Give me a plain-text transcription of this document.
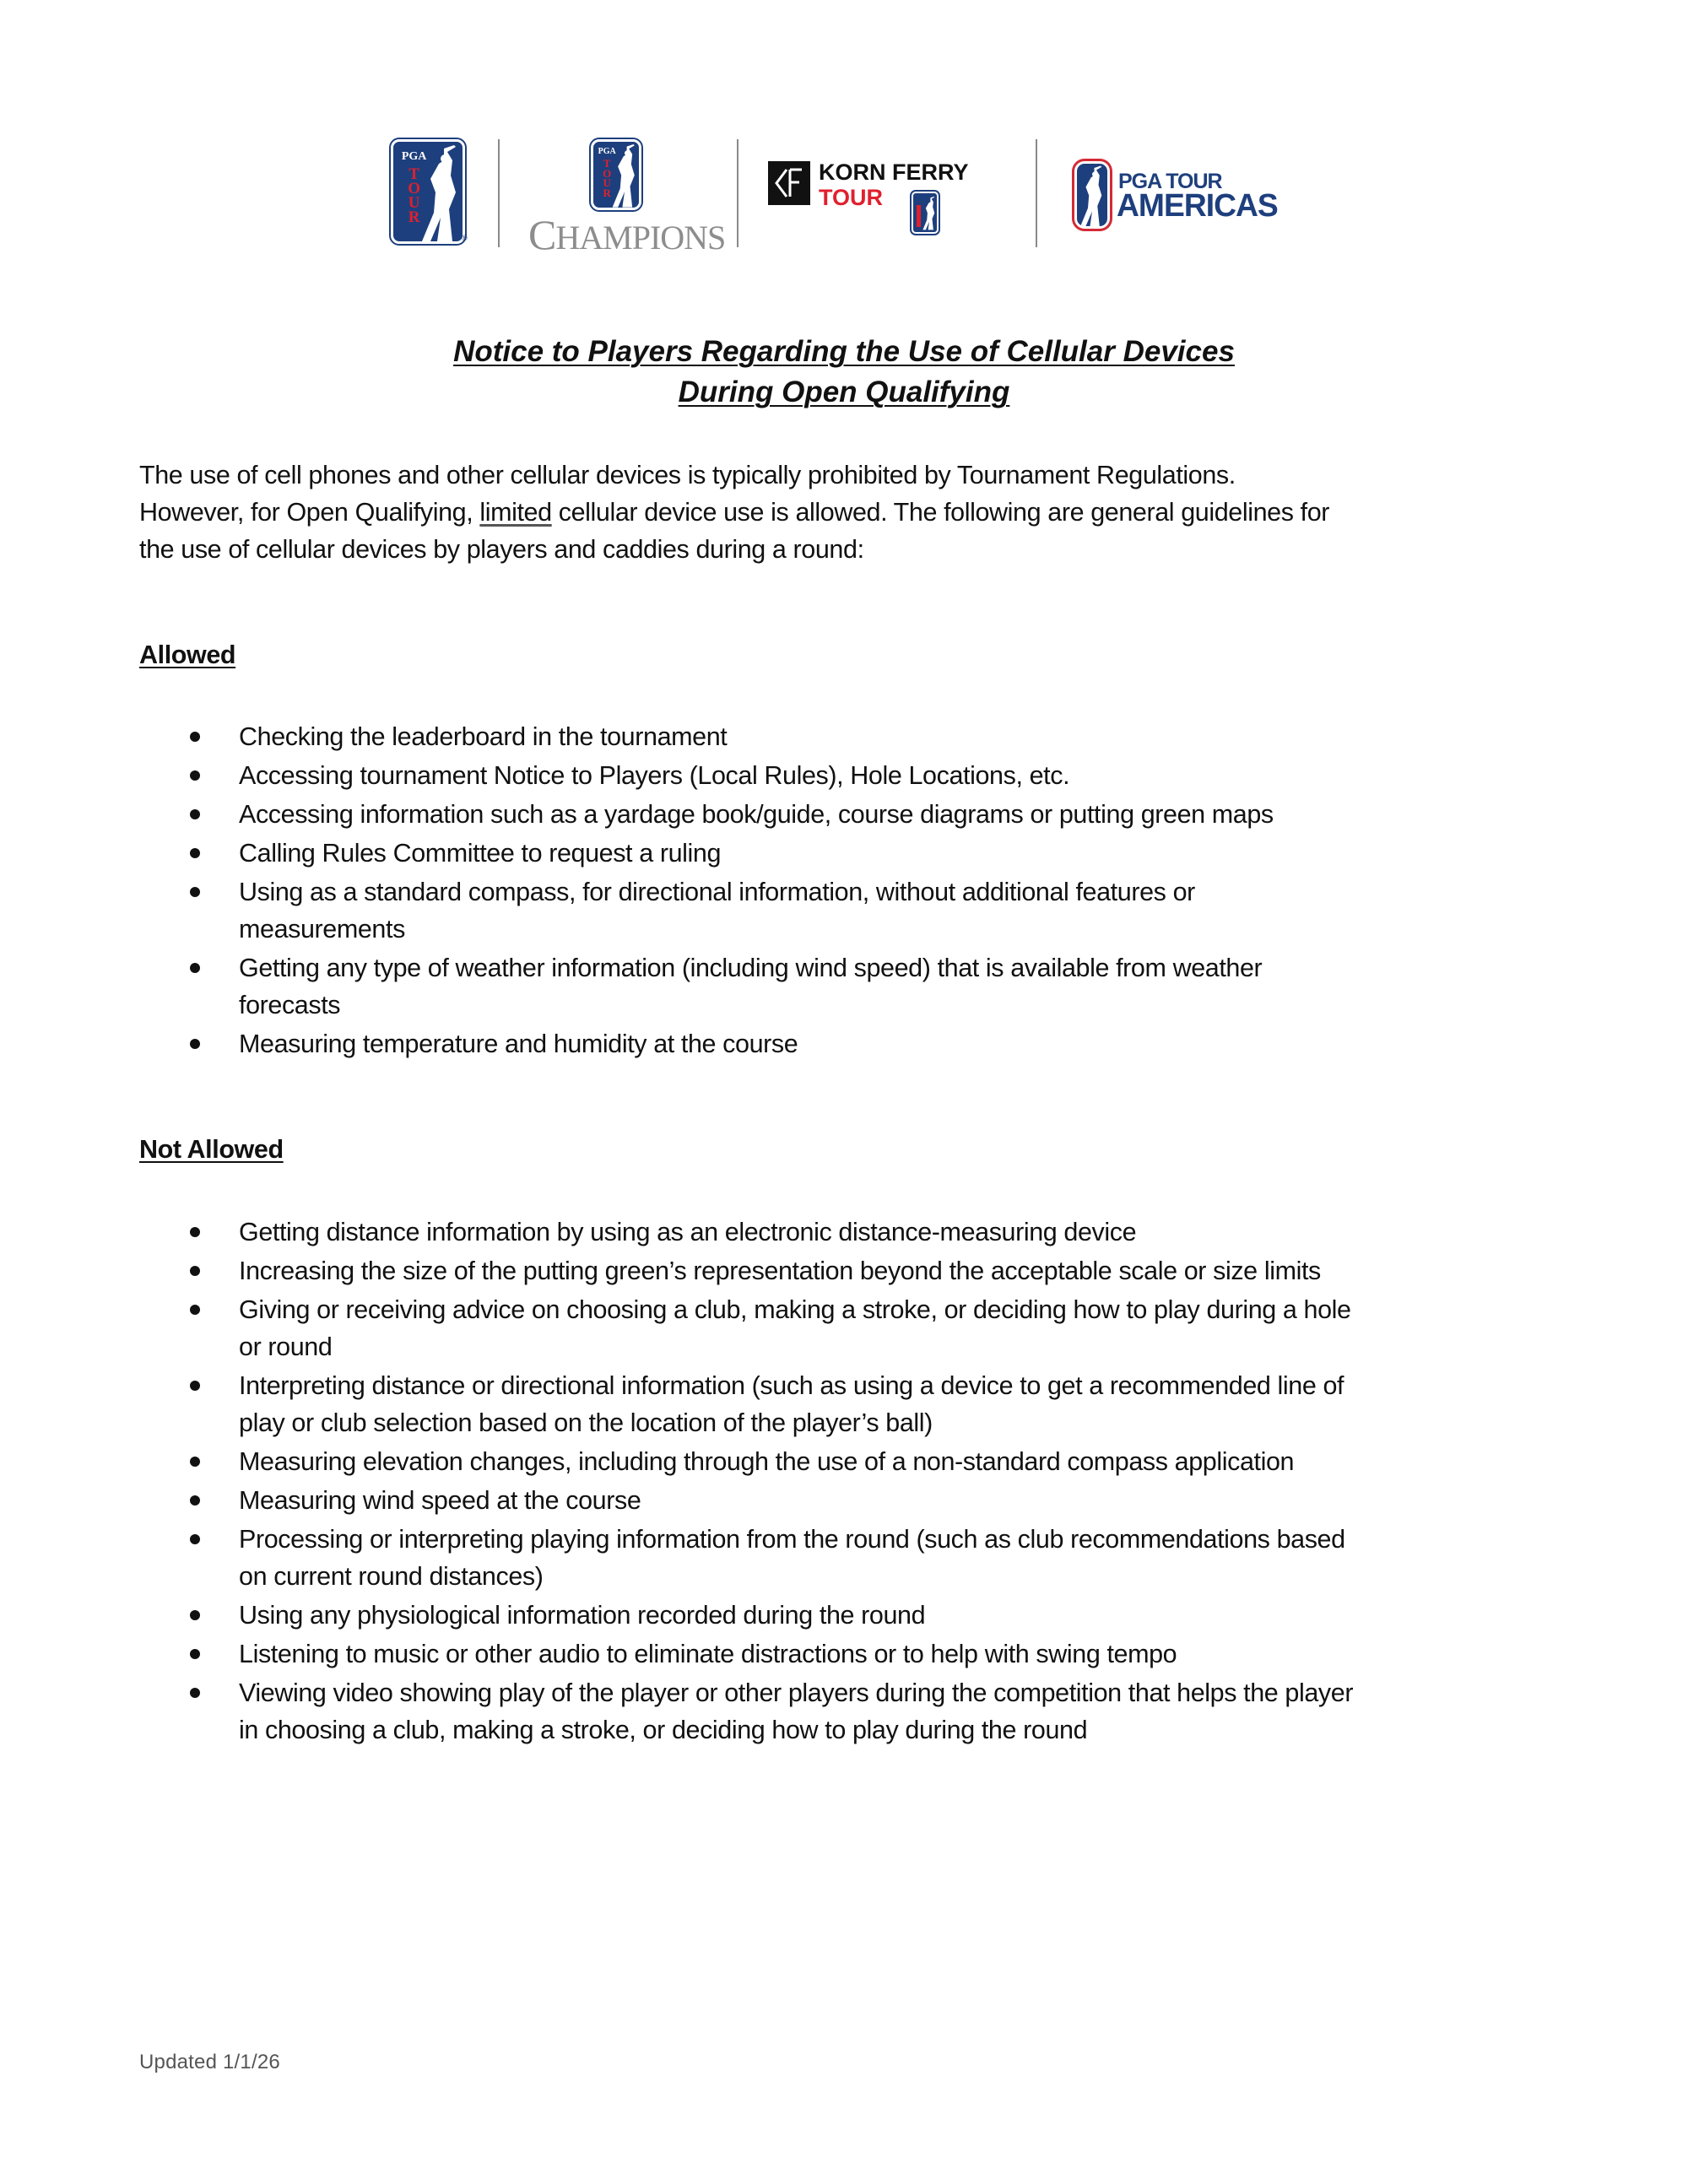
PGA
T
O
U
R
®
PGA
T
O
U
R
CHAMPIONS
KORN FERRY
TOUR
PGA TOUR
AMERICAS
Notice to Players Regarding the Use of Cellular Devices
During Open Qualifying
The use of cell phones and other cellular devices is typically prohibited by Tournament Regulations.
However, for Open Qualifying, limited cellular device use is allowed. The following are general guidelines for
the use of cellular devices by players and caddies during a round:
Allowed
Checking the leaderboard in the tournament
Accessing tournament Notice to Players (Local Rules), Hole Locations, etc.
Accessing information such as a yardage book/guide, course diagrams or putting green maps
Calling Rules Committee to request a ruling
Using as a standard compass, for directional information, without additional features or
measurements
Getting any type of weather information (including wind speed) that is available from weather
forecasts
Measuring temperature and humidity at the course
Not Allowed
Getting distance information by using as an electronic distance-measuring device
Increasing the size of the putting green’s representation beyond the acceptable scale or size limits
Giving or receiving advice on choosing a club, making a stroke, or deciding how to play during a hole
or round
Interpreting distance or directional information (such as using a device to get a recommended line of
play or club selection based on the location of the player’s ball)
Measuring elevation changes, including through the use of a non-standard compass application
Measuring wind speed at the course
Processing or interpreting playing information from the round (such as club recommendations based
on current round distances)
Using any physiological information recorded during the round
Listening to music or other audio to eliminate distractions or to help with swing tempo
Viewing video showing play of the player or other players during the competition that helps the player
in choosing a club, making a stroke, or deciding how to play during the round
Updated 1/1/26
